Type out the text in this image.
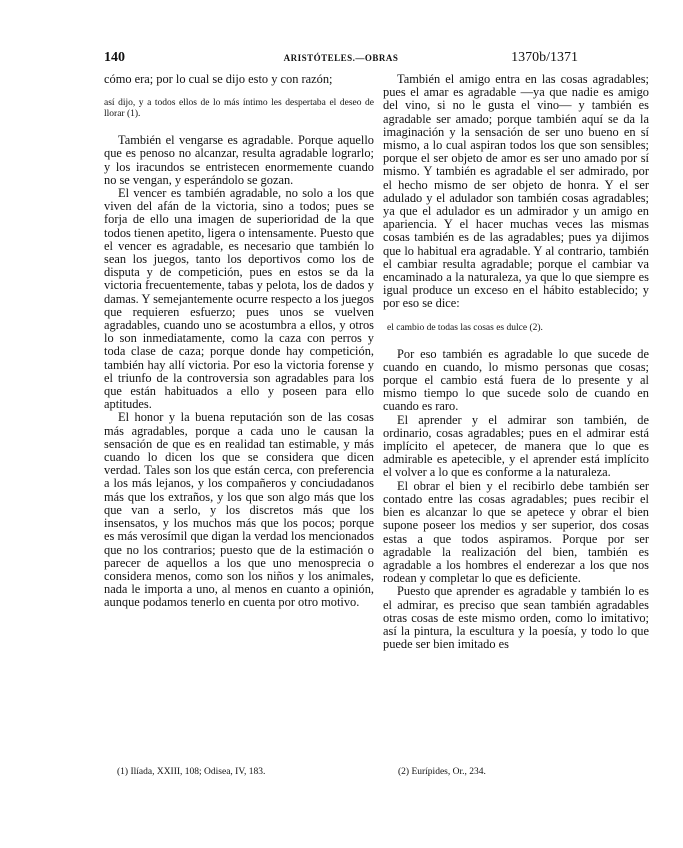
140	ARISTÓTELES.—OBRAS	1370b/1371

cómo era; por lo cual se dijo esto y con razón;

así dijo, y a todos ellos de lo más íntimo les despertaba el deseo de llorar (1).

También el vengarse es agradable. Porque aquello que es penoso no alcanzar, resulta agradable lograrlo; y los iracundos se entristecen enormemente cuando no se vengan, y esperándolo se gozan.

El vencer es también agradable, no solo a los que viven del afán de la victoria, sino a todos; pues se forja de ello una imagen de superioridad de la que todos tienen apetito, ligera o intensamente. Puesto que el vencer es agradable, es necesario que también lo sean los juegos, tanto los deportivos como los de disputa y de competición, pues en estos se da la victoria frecuentemente, tabas y pelota, los de dados y damas. Y semejantemente ocurre respecto a los juegos que requieren esfuerzo; pues unos se vuelven agradables, cuando uno se acostumbra a ellos, y otros lo son inmediatamente, como la caza con perros y toda clase de caza; porque donde hay competición, también hay allí victoria. Por eso la victoria forense y el triunfo de la controversia son agradables para los que están habituados a ello y poseen para ello aptitudes.

El honor y la buena reputación son de las cosas más agradables, porque a cada uno le causan la sensación de que es en realidad tan estimable, y más cuando lo dicen los que se considera que dicen verdad. Tales son los que están cerca, con preferencia a los más lejanos, y los compañeros y conciudadanos más que los extraños, y los que son algo más que los que van a serlo, y los discretos más que los insensatos, y los muchos más que los pocos; porque es más verosímil que digan la verdad los mencionados que no los contrarios; puesto que de la estimación o parecer de aquellos a los que uno menosprecia o considera menos, como son los niños y los animales, nada le importa a uno, al menos en cuanto a opinión, aunque podamos tenerlo en cuenta por otro motivo.

También el amigo entra en las cosas agradables; pues el amar es agradable —ya que nadie es amigo del vino, si no le gusta el vino— y también es agradable ser amado; porque también aquí se da la imaginación y la sensación de ser uno bueno en sí mismo, a lo cual aspiran todos los que son sensibles; porque el ser objeto de amor es ser uno amado por sí mismo. Y también es agradable el ser admirado, por el hecho mismo de ser objeto de honra. Y el ser adulado y el adulador son también cosas agradables; ya que el adulador es un admirador y un amigo en apariencia. Y el hacer muchas veces las mismas cosas también es de las agradables; pues ya dijimos que lo habitual era agradable. Y al contrario, también el cambiar resulta agradable; porque el cambiar va encaminado a la naturaleza, ya que lo que siempre es igual produce un exceso en el hábito establecido; y por eso se dice:

el cambio de todas las cosas es dulce (2).

Por eso también es agradable lo que sucede de cuando en cuando, lo mismo personas que cosas; porque el cambio está fuera de lo presente y al mismo tiempo lo que sucede solo de cuando en cuando es raro.

El aprender y el admirar son también, de ordinario, cosas agradables; pues en el admirar está implícito el apetecer, de manera que lo que es admirable es apetecible, y el aprender está implícito el volver a lo que es conforme a la naturaleza.

El obrar el bien y el recibirlo debe también ser contado entre las cosas agradables; pues recibir el bien es alcanzar lo que se apetece y obrar el bien supone poseer los medios y ser superior, dos cosas estas a que todos aspiramos. Porque por ser agradable la realización del bien, también es agradable a los hombres el enderezar a los que nos rodean y completar lo que es deficiente.

Puesto que aprender es agradable y también lo es el admirar, es preciso que sean también agradables otras cosas de este mismo orden, como lo imitativo; así la pintura, la escultura y la poesía, y todo lo que puede ser bien imitado es

(1) Ilíada, XXIII, 108; Odisea, IV, 183.	(2) Eurípides, Or., 234.
